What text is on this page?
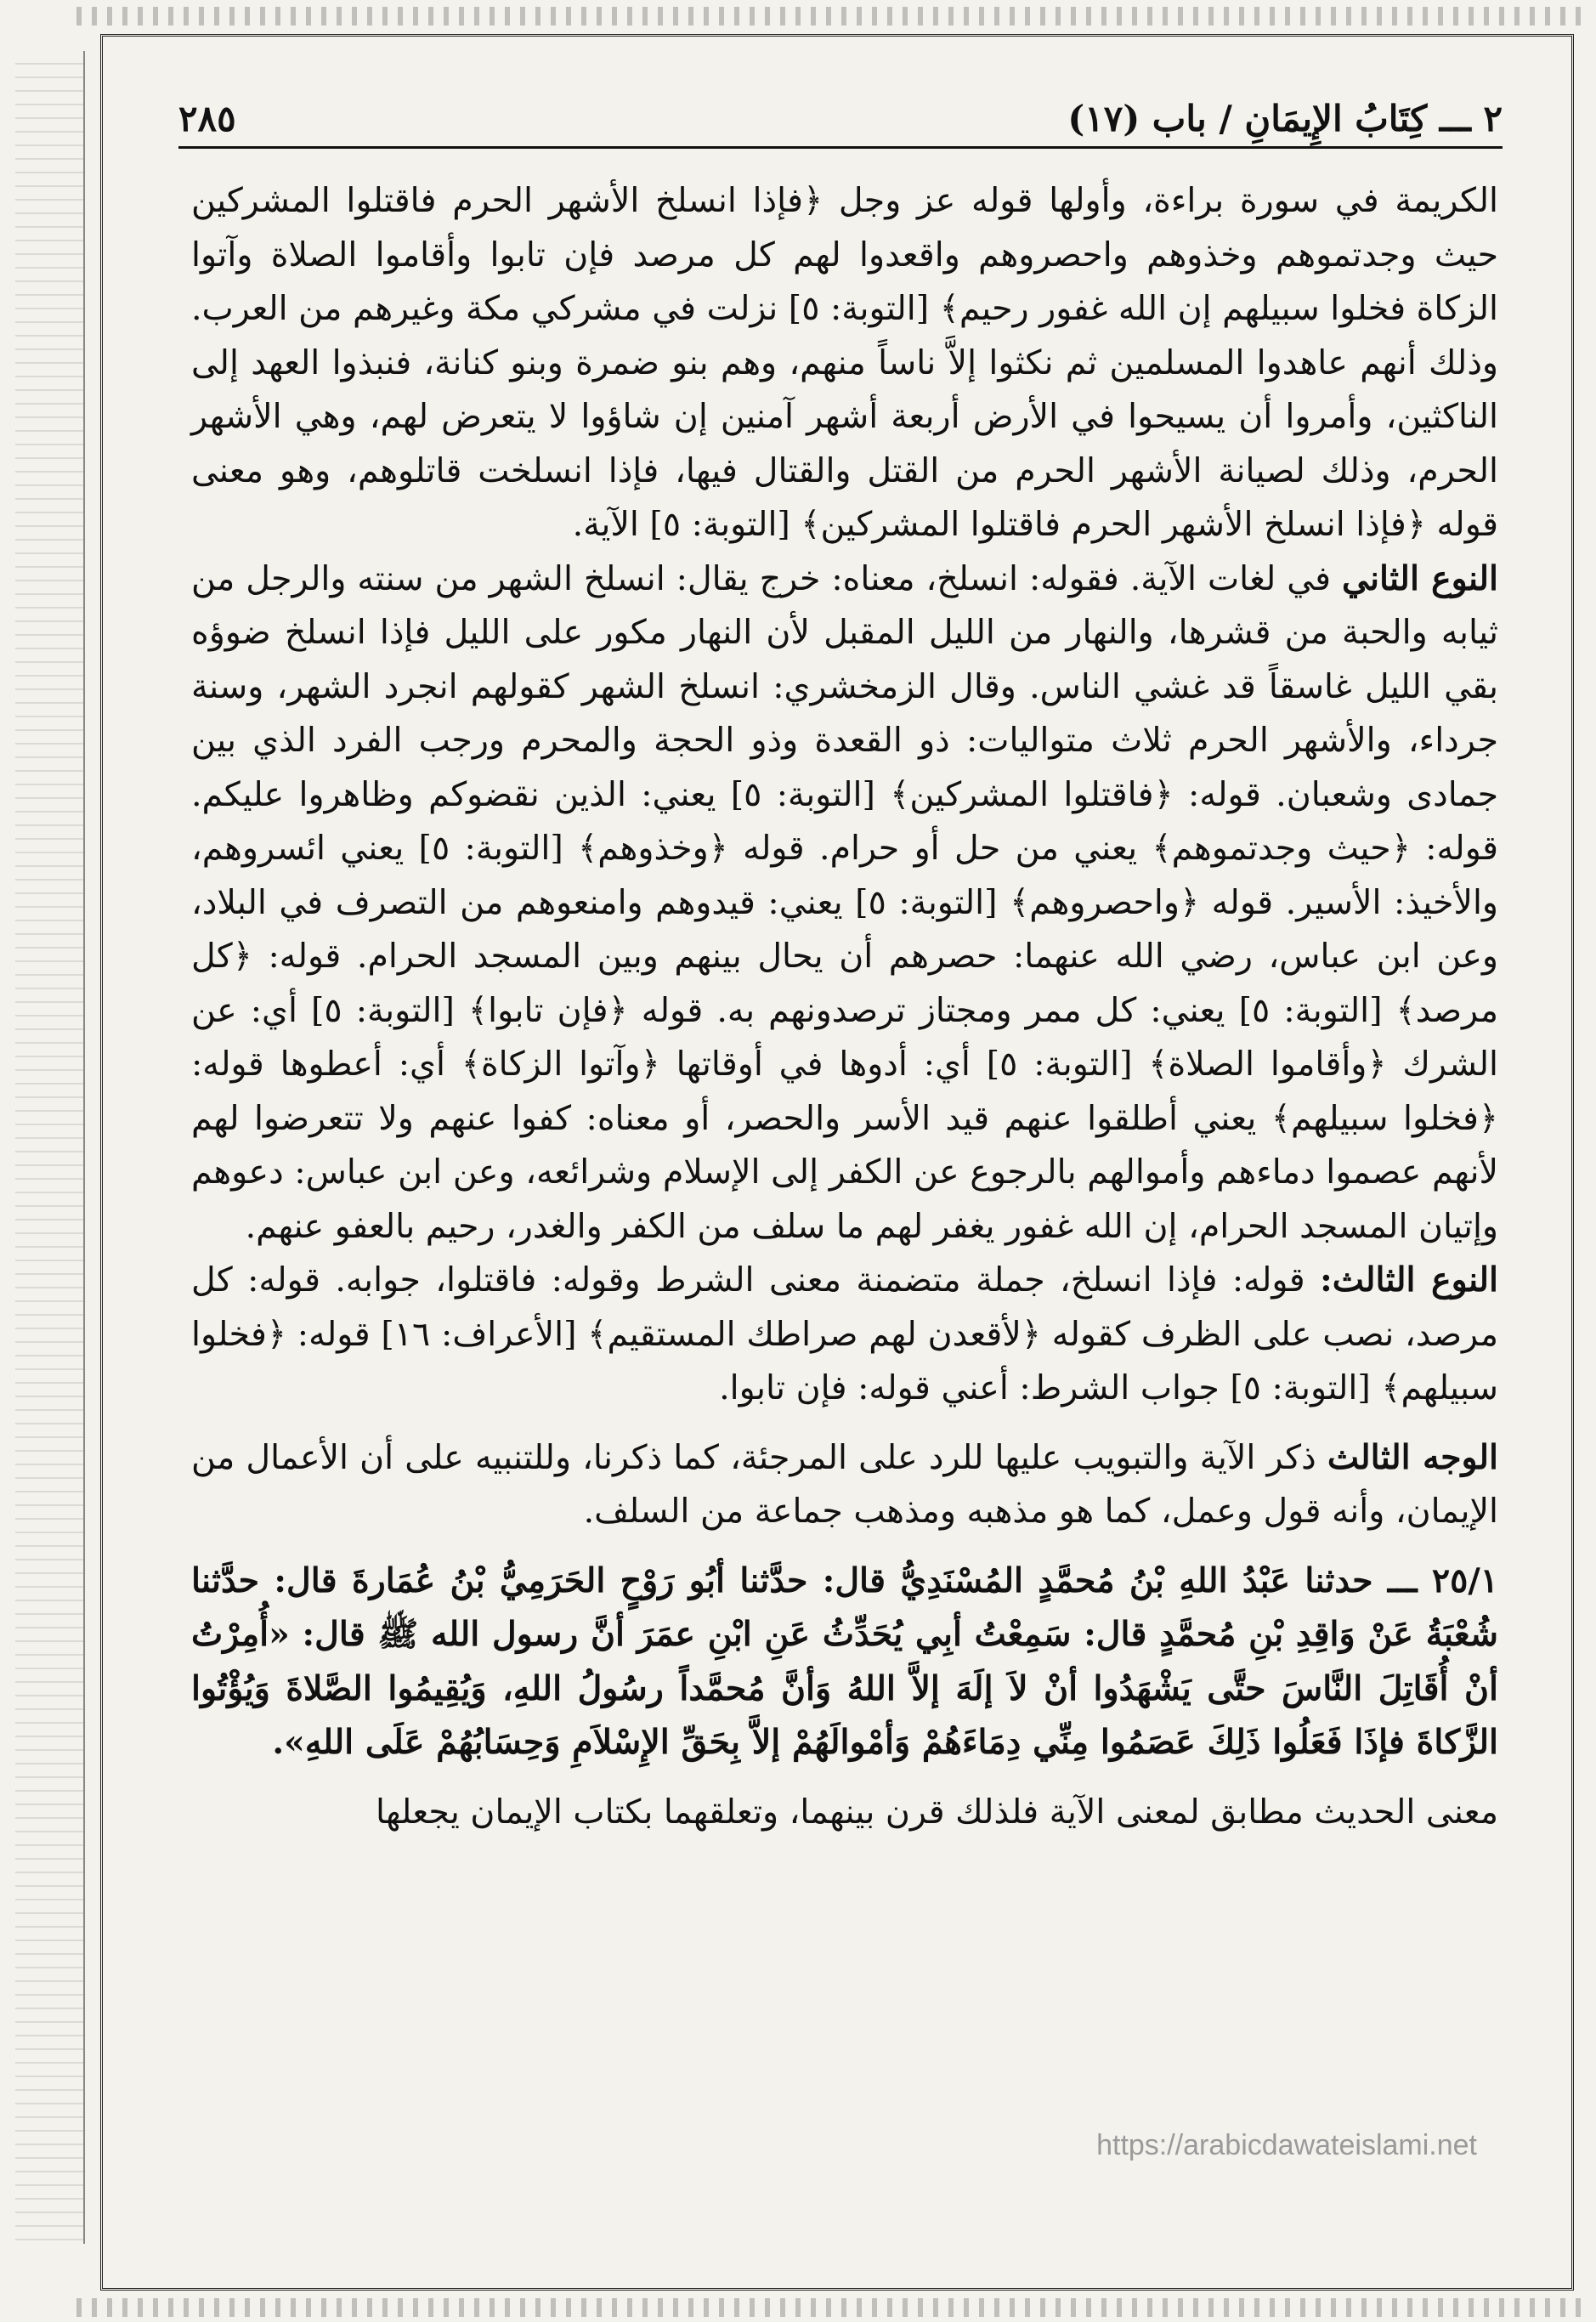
٢ ـــ كِتَابُ الإِيمَانِ / باب (١٧)
٢٨٥

الكريمة في سورة براءة، وأولها قوله عز وجل ﴿فإذا انسلخ الأشهر الحرم فاقتلوا المشركين حيث وجدتموهم وخذوهم واحصروهم واقعدوا لهم كل مرصد فإن تابوا وأقاموا الصلاة وآتوا الزكاة فخلوا سبيلهم إن الله غفور رحيم﴾ [التوبة: ٥] نزلت في مشركي مكة وغيرهم من العرب. وذلك أنهم عاهدوا المسلمين ثم نكثوا إلاَّ ناساً منهم، وهم بنو ضمرة وبنو كنانة، فنبذوا العهد إلى الناكثين، وأمروا أن يسيحوا في الأرض أربعة أشهر آمنين إن شاؤوا لا يتعرض لهم، وهي الأشهر الحرم، وذلك لصيانة الأشهر الحرم من القتل والقتال فيها، فإذا انسلخت قاتلوهم، وهو معنى قوله ﴿فإذا انسلخ الأشهر الحرم فاقتلوا المشركين﴾ [التوبة: ٥] الآية.

النوع الثاني في لغات الآية. فقوله: انسلخ، معناه: خرج يقال: انسلخ الشهر من سنته والرجل من ثيابه والحبة من قشرها، والنهار من الليل المقبل لأن النهار مكور على الليل فإذا انسلخ ضوؤه بقي الليل غاسقاً قد غشي الناس. وقال الزمخشري: انسلخ الشهر كقولهم انجرد الشهر، وسنة جرداء، والأشهر الحرم ثلاث متواليات: ذو القعدة وذو الحجة والمحرم ورجب الفرد الذي بين جمادى وشعبان. قوله: ﴿فاقتلوا المشركين﴾ [التوبة: ٥] يعني: الذين نقضوكم وظاهروا عليكم. قوله: ﴿حيث وجدتموهم﴾ يعني من حل أو حرام. قوله ﴿وخذوهم﴾ [التوبة: ٥] يعني ائسروهم، والأخيذ: الأسير. قوله ﴿واحصروهم﴾ [التوبة: ٥] يعني: قيدوهم وامنعوهم من التصرف في البلاد، وعن ابن عباس، رضي الله عنهما: حصرهم أن يحال بينهم وبين المسجد الحرام. قوله: ﴿كل مرصد﴾ [التوبة: ٥] يعني: كل ممر ومجتاز ترصدونهم به. قوله ﴿فإن تابوا﴾ [التوبة: ٥] أي: عن الشرك ﴿وأقاموا الصلاة﴾ [التوبة: ٥] أي: أدوها في أوقاتها ﴿وآتوا الزكاة﴾ أي: أعطوها قوله: ﴿فخلوا سبيلهم﴾ يعني أطلقوا عنهم قيد الأسر والحصر، أو معناه: كفوا عنهم ولا تتعرضوا لهم لأنهم عصموا دماءهم وأموالهم بالرجوع عن الكفر إلى الإسلام وشرائعه، وعن ابن عباس: دعوهم وإتيان المسجد الحرام، إن الله غفور يغفر لهم ما سلف من الكفر والغدر، رحيم بالعفو عنهم.

النوع الثالث: قوله: فإذا انسلخ، جملة متضمنة معنى الشرط وقوله: فاقتلوا، جوابه. قوله: كل مرصد، نصب على الظرف كقوله ﴿لأقعدن لهم صراطك المستقيم﴾ [الأعراف: ١٦] قوله: ﴿فخلوا سبيلهم﴾ [التوبة: ٥] جواب الشرط: أعني قوله: فإن تابوا.

الوجه الثالث ذكر الآية والتبويب عليها للرد على المرجئة، كما ذكرنا، وللتنبيه على أن الأعمال من الإيمان، وأنه قول وعمل، كما هو مذهبه ومذهب جماعة من السلف.

٢٥/١ ـــ حدثنا عَبْدُ اللهِ بْنُ مُحمَّدٍ المُسْنَدِيُّ قال: حدَّثنا أبُو رَوْحٍ الحَرَمِيُّ بْنُ عُمَارةَ قال: حدَّثنا شُعْبَةُ عَنْ وَاقِدِ بْنِ مُحمَّدٍ قال: سَمِعْتُ أبِي يُحَدِّثُ عَنِ ابْنِ عمَرَ أنَّ رسول الله ﷺ قال: «أُمِرْتُ أنْ أُقَاتِلَ النَّاسَ حتَّى يَشْهَدُوا أنْ لاَ إلَهَ إلاَّ اللهُ وَأنَّ مُحمَّداً رسُولُ اللهِ، وَيُقِيمُوا الصَّلاةَ وَيُؤْتُوا الزَّكاةَ فإذَا فَعَلُوا ذَلِكَ عَصَمُوا مِنِّي دِمَاءَهُمْ وَأمْوالَهُمْ إلاَّ بِحَقِّ الإِسْلاَمِ وَحِسَابُهُمْ عَلَى اللهِ».

معنى الحديث مطابق لمعنى الآية فلذلك قرن بينهما، وتعلقهما بكتاب الإيمان يجعلها

https://arabicdawateislami.net
